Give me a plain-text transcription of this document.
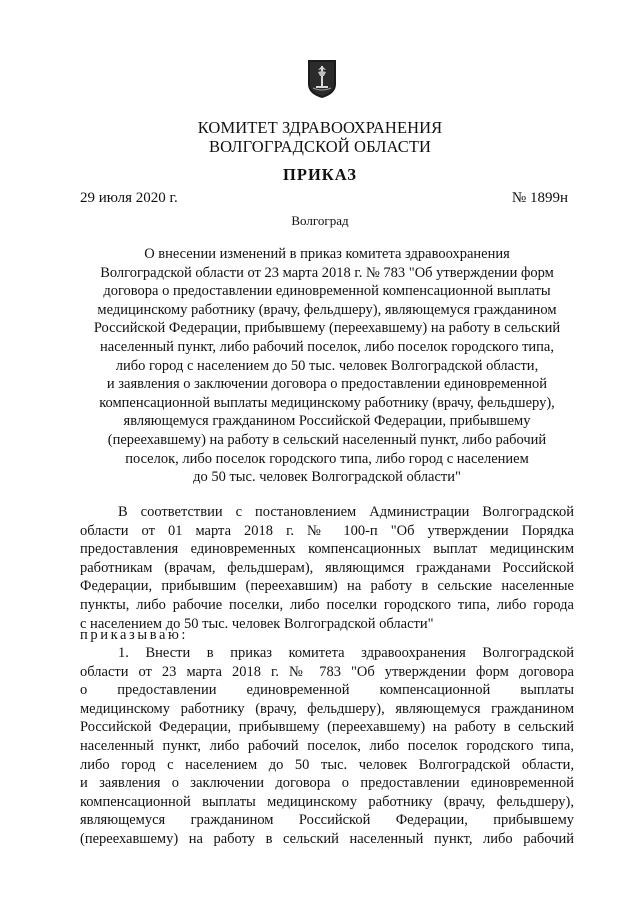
КОМИТЕТ ЗДРАВООХРАНЕНИЯ
ВОЛГОГРАДСКОЙ ОБЛАСТИ
ПРИКАЗ
29 июля 2020 г.	№ 1899н
Волгоград
О внесении изменений в приказ комитета здравоохранения
Волгоградской области от 23 марта 2018 г. № 783 "Об утверждении форм
договора о предоставлении единовременной компенсационной выплаты
медицинскому работнику (врачу, фельдшеру), являющемуся гражданином
Российской Федерации, прибывшему (переехавшему) на работу в сельский
населенный пункт, либо рабочий поселок, либо поселок городского типа,
либо город с населением до 50 тыс. человек Волгоградской области,
и заявления о заключении договора о предоставлении единовременной
компенсационной выплаты медицинскому работнику (врачу, фельдшеру),
являющемуся гражданином Российской Федерации, прибывшему
(переехавшему) на работу в сельский населенный пункт, либо рабочий
поселок, либо поселок городского типа, либо город с населением
до 50 тыс. человек Волгоградской области"
В соответствии с постановлением Администрации Волгоградской
области от 01 марта 2018 г. № 100-п "Об утверждении Порядка
предоставления единовременных компенсационных выплат медицинским
работникам (врачам, фельдшерам), являющимся гражданами Российской
Федерации, прибывшим (переехавшим) на работу в сельские населенные
пункты, либо рабочие поселки, либо поселки городского типа, либо города
с населением до 50 тыс. человек Волгоградской области"
приказываю:
1. Внести в приказ комитета здравоохранения Волгоградской
области от 23 марта 2018 г. № 783 "Об утверждении форм договора
о предоставлении единовременной компенсационной выплаты
медицинскому работнику (врачу, фельдшеру), являющемуся гражданином
Российской Федерации, прибывшему (переехавшему) на работу в сельский
населенный пункт, либо рабочий поселок, либо поселок городского типа,
либо город с населением до 50 тыс. человек Волгоградской области,
и заявления о заключении договора о предоставлении единовременной
компенсационной выплаты медицинскому работнику (врачу, фельдшеру),
являющемуся гражданином Российской Федерации, прибывшему
(переехавшему) на работу в сельский населенный пункт, либо рабочий
